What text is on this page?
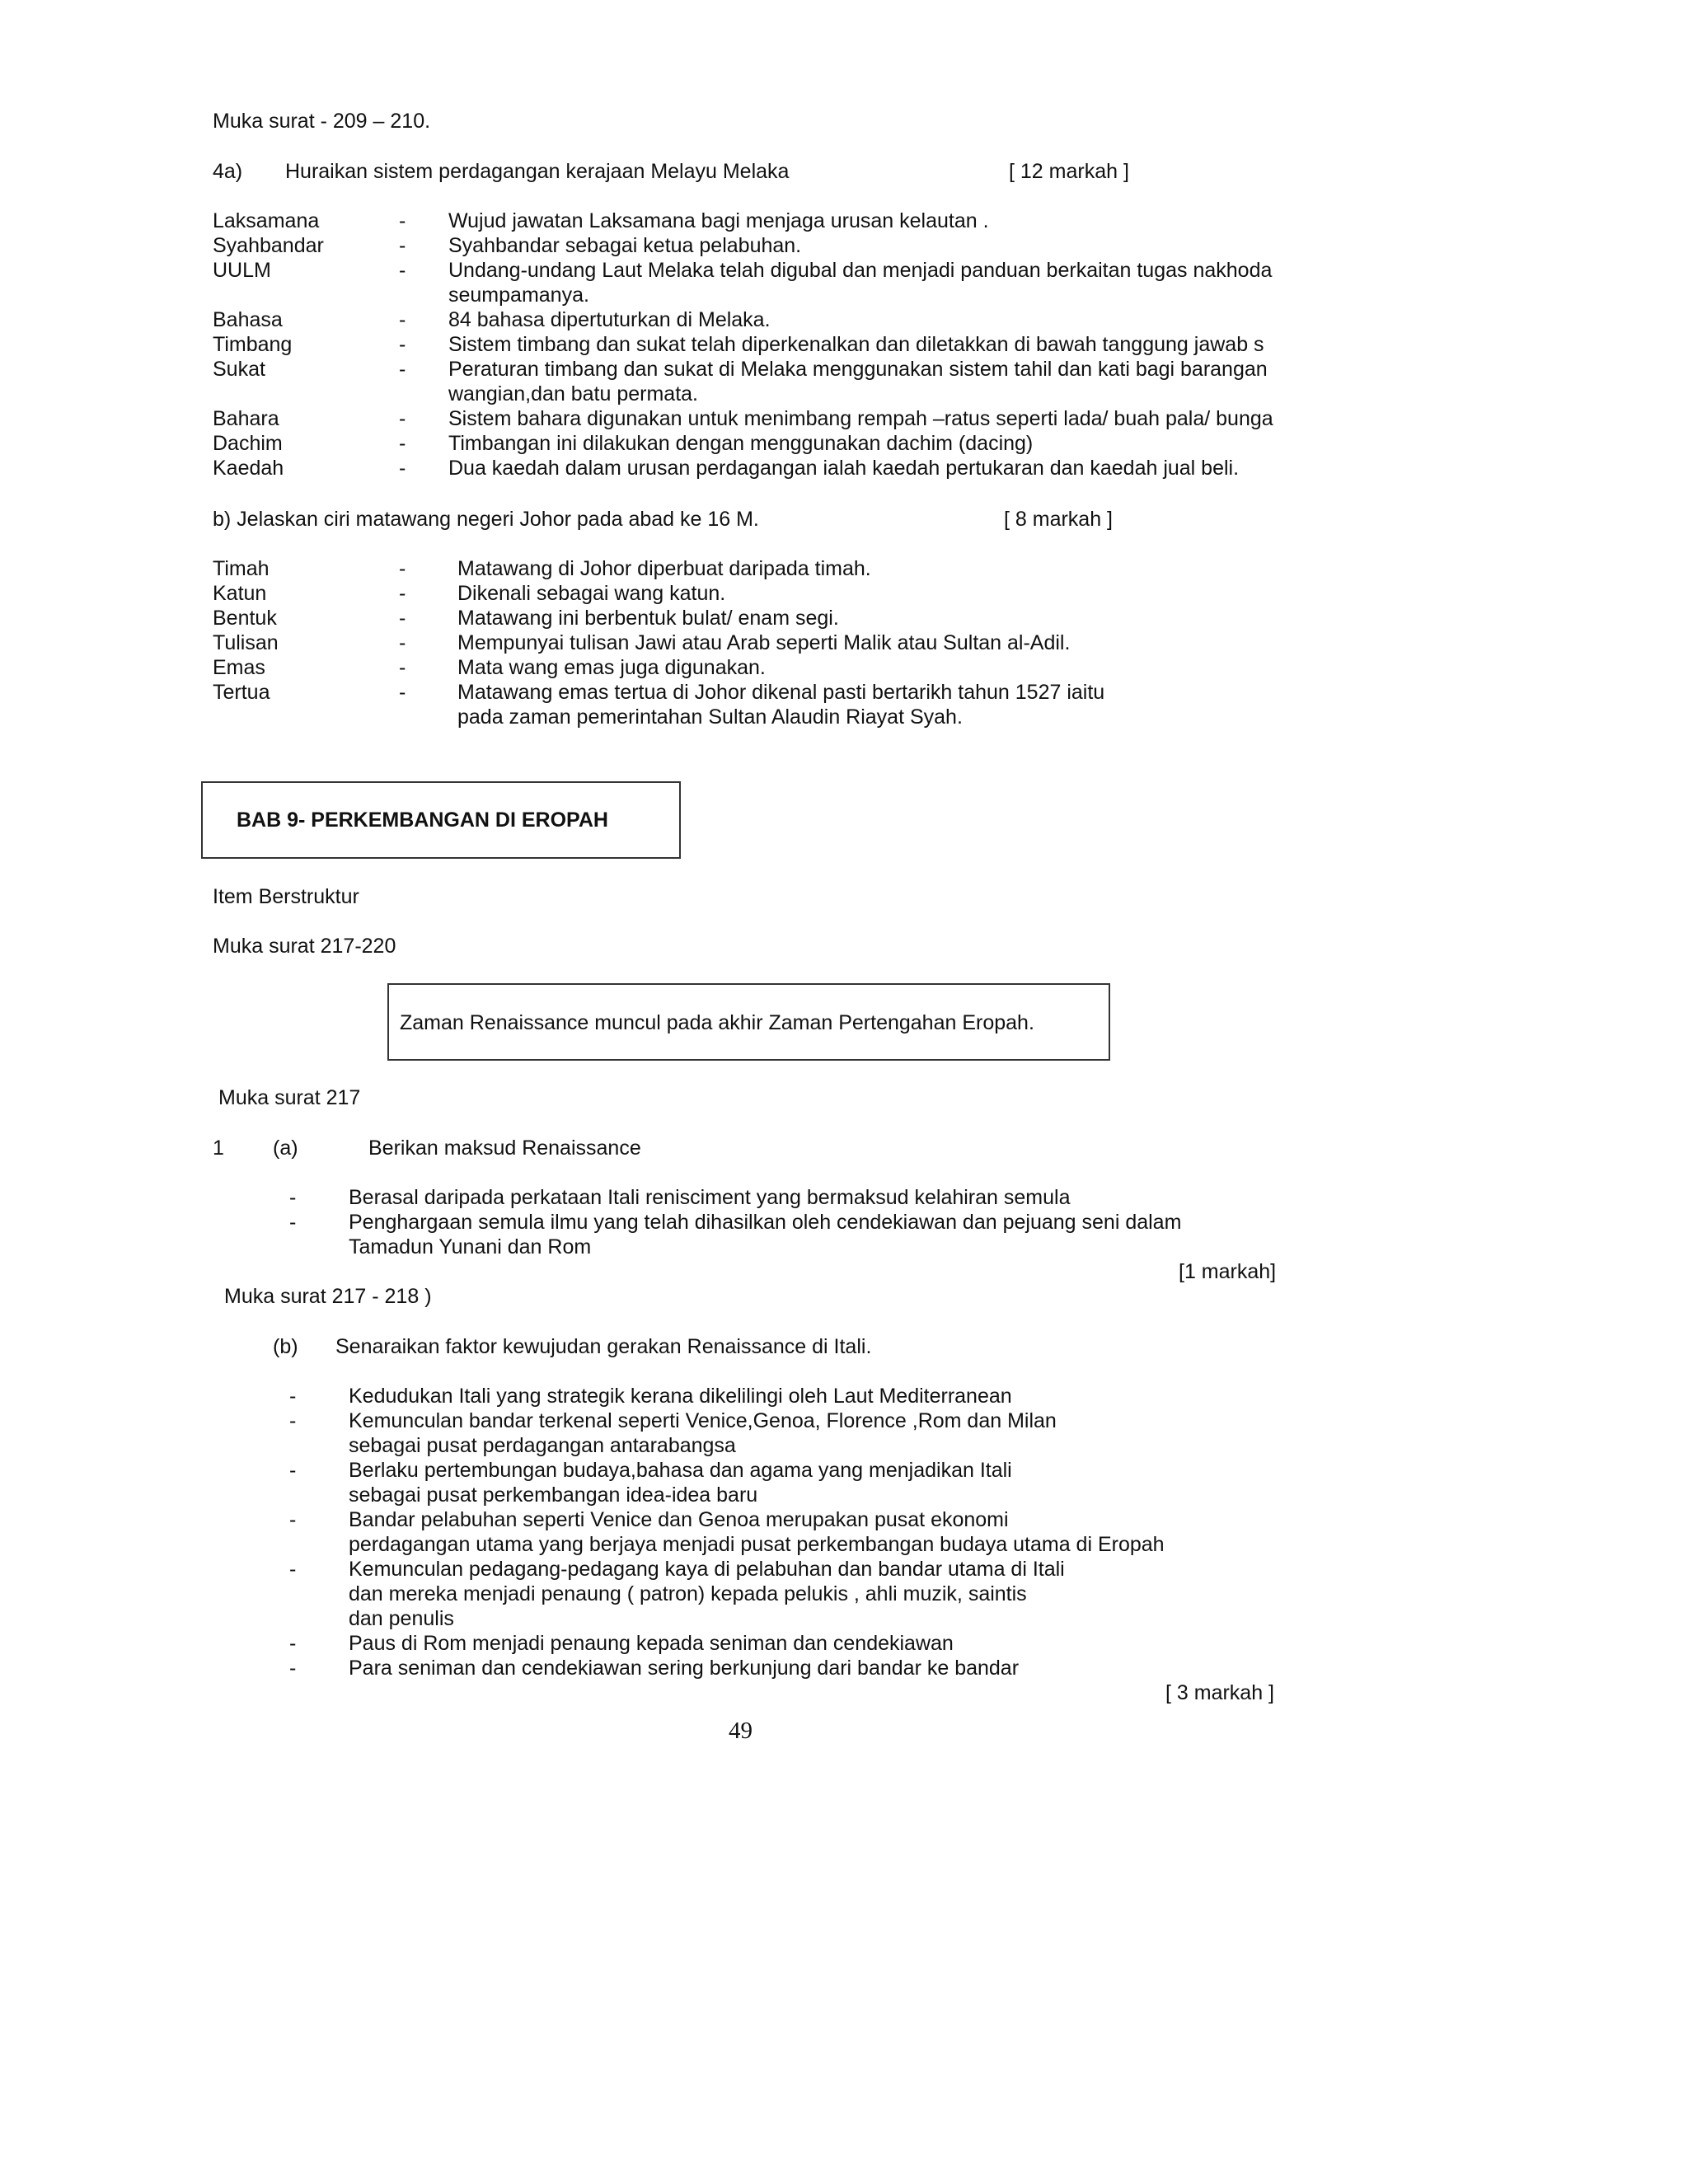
Muka surat - 209 – 210.
4a) Huraikan sistem perdagangan kerajaan Melayu Melaka	[ 12 markah ]
Laksamana	- Wujud jawatan Laksamana bagi menjaga urusan kelautan .
Syahbandar	- Syahbandar sebagai ketua pelabuhan.
UULM	- Undang-undang Laut Melaka telah digubal dan menjadi panduan berkaitan tugas nakhoda
seumpamanya.
Bahasa	- 84 bahasa dipertuturkan di Melaka.
Timbang	- Sistem timbang dan sukat telah diperkenalkan dan diletakkan di bawah tanggung jawab s
Sukat	- Peraturan timbang dan sukat di Melaka menggunakan sistem tahil dan kati bagi barangan
wangian,dan batu permata.
Bahara	- Sistem bahara digunakan untuk menimbang rempah –ratus seperti lada/ buah pala/ bunga
Dachim	- Timbangan ini dilakukan dengan menggunakan dachim (dacing)
Kaedah	- Dua kaedah dalam urusan perdagangan ialah kaedah pertukaran dan kaedah jual beli.
b) Jelaskan ciri matawang negeri Johor pada abad ke 16 M.	[ 8 markah ]
Timah	-	Matawang di Johor diperbuat daripada timah.
Katun	-	Dikenali sebagai wang katun.
Bentuk	-	Matawang ini berbentuk bulat/ enam segi.
Tulisan	-	Mempunyai tulisan Jawi atau Arab seperti Malik atau Sultan al-Adil.
Emas	-	Mata wang emas juga digunakan.
Tertua	-	Matawang emas tertua di Johor dikenal pasti bertarikh tahun 1527 iaitu
pada zaman pemerintahan Sultan Alaudin Riayat Syah.
BAB 9- PERKEMBANGAN DI EROPAH
Item Berstruktur
Muka surat 217-220
Zaman Renaissance muncul pada akhir Zaman Pertengahan Eropah.
Muka surat 217
1 (a)	Berikan maksud Renaissance
-	Berasal daripada perkataan Itali renisciment yang bermaksud kelahiran semula
-	Penghargaan semula ilmu yang telah dihasilkan oleh cendekiawan dan pejuang seni dalam
Tamadun Yunani dan Rom
[1 markah]
Muka surat 217 - 218 )
(b) Senaraikan faktor kewujudan gerakan Renaissance di Itali.
-	Kedudukan Itali yang strategik kerana dikelilingi oleh Laut Mediterranean
-	Kemunculan bandar terkenal seperti Venice,Genoa, Florence ,Rom dan Milan
sebagai pusat perdagangan antarabangsa
-	Berlaku pertembungan budaya,bahasa dan agama yang menjadikan Itali
sebagai pusat perkembangan idea-idea baru
-	Bandar pelabuhan seperti Venice dan Genoa merupakan pusat ekonomi
perdagangan utama yang berjaya menjadi pusat perkembangan budaya utama di Eropah
-	Kemunculan pedagang-pedagang kaya di pelabuhan dan bandar utama di Itali
dan mereka menjadi penaung ( patron) kepada pelukis , ahli muzik, saintis
dan penulis
-	Paus di Rom menjadi penaung kepada seniman dan cendekiawan
-	Para seniman dan cendekiawan sering berkunjung dari bandar ke bandar
[ 3 markah ]
49
